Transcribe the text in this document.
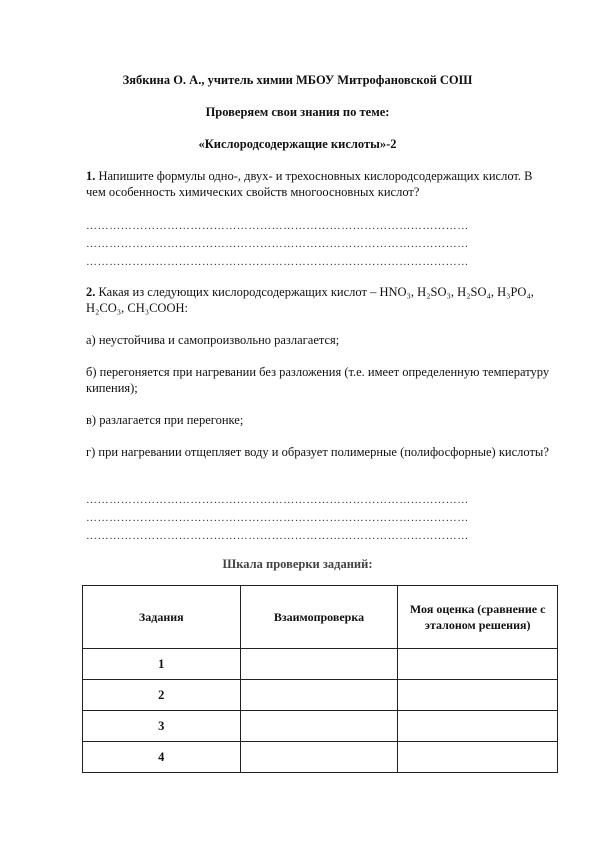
Зябкина О. А., учитель химии МБОУ Митрофановской СОШ
Проверяем свои знания по теме:
«Кислородсодержащие кислоты»-2
1. Напишите формулы одно-, двух- и трехосновных кислородсодержащих кислот. В чем особенность химических свойств многоосновных кислот?
………………………………………………………………………………………
………………………………………………………………………………………
………………………………………………………………………………………
2. Какая из следующих кислородсодержащих кислот – HNO₃, H₂SO₃, H₂SO₄, H₃PO₄, H₂CO₃, CH₃COOH:
а) неустойчива и самопроизвольно разлагается;
б) перегоняется при нагревании без разложения (т.е. имеет определенную температуру кипения);
в) разлагается при перегонке;
г) при нагревании отщепляет воду и образует полимерные (полифосфорные) кислоты?
………………………………………………………………………………………
………………………………………………………………………………………
………………………………………………………………………………………
Шкала проверки заданий:
Задания	Взаимопроверка	Моя оценка (сравнение с эталоном решения)
1		
2		
3		
4		
